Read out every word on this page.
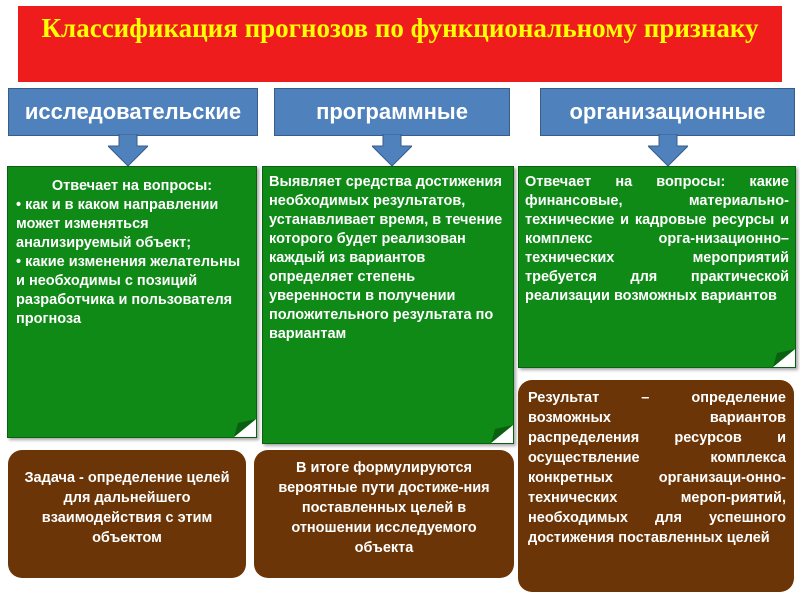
Классификация прогнозов по функциональному признаку
исследовательские	программные	организационные

Отвечает на вопросы:

• как и в каком направлении может изменяться анализируемый объект;

• какие изменения желательны и необходимы с позиций разработчика и пользователя прогноза

Выявляет средства достижения необходимых результатов, устанавливает время, в течение которого будет реализован каждый из вариантов

определяет степень уверенности в получении положительного результата по вариантам

Отвечает на вопросы: какие финансовые, материально-технические и кадровые ресурсы и комплекс орга-низационно–технических мероприятий требуется для практической реализации возможных вариантов

Задача - определение целей для дальнейшего взаимодействия с этим объектом
В итоге формулируются вероятные пути достиже-ния поставленных целей в отношении исследуемого объекта
Результат – определение возможных вариантов распределения ресурсов и осуществление комплекса конкретных организаци-онно-технических мероп-риятий, необходимых для успешного достижения поставленных целей
